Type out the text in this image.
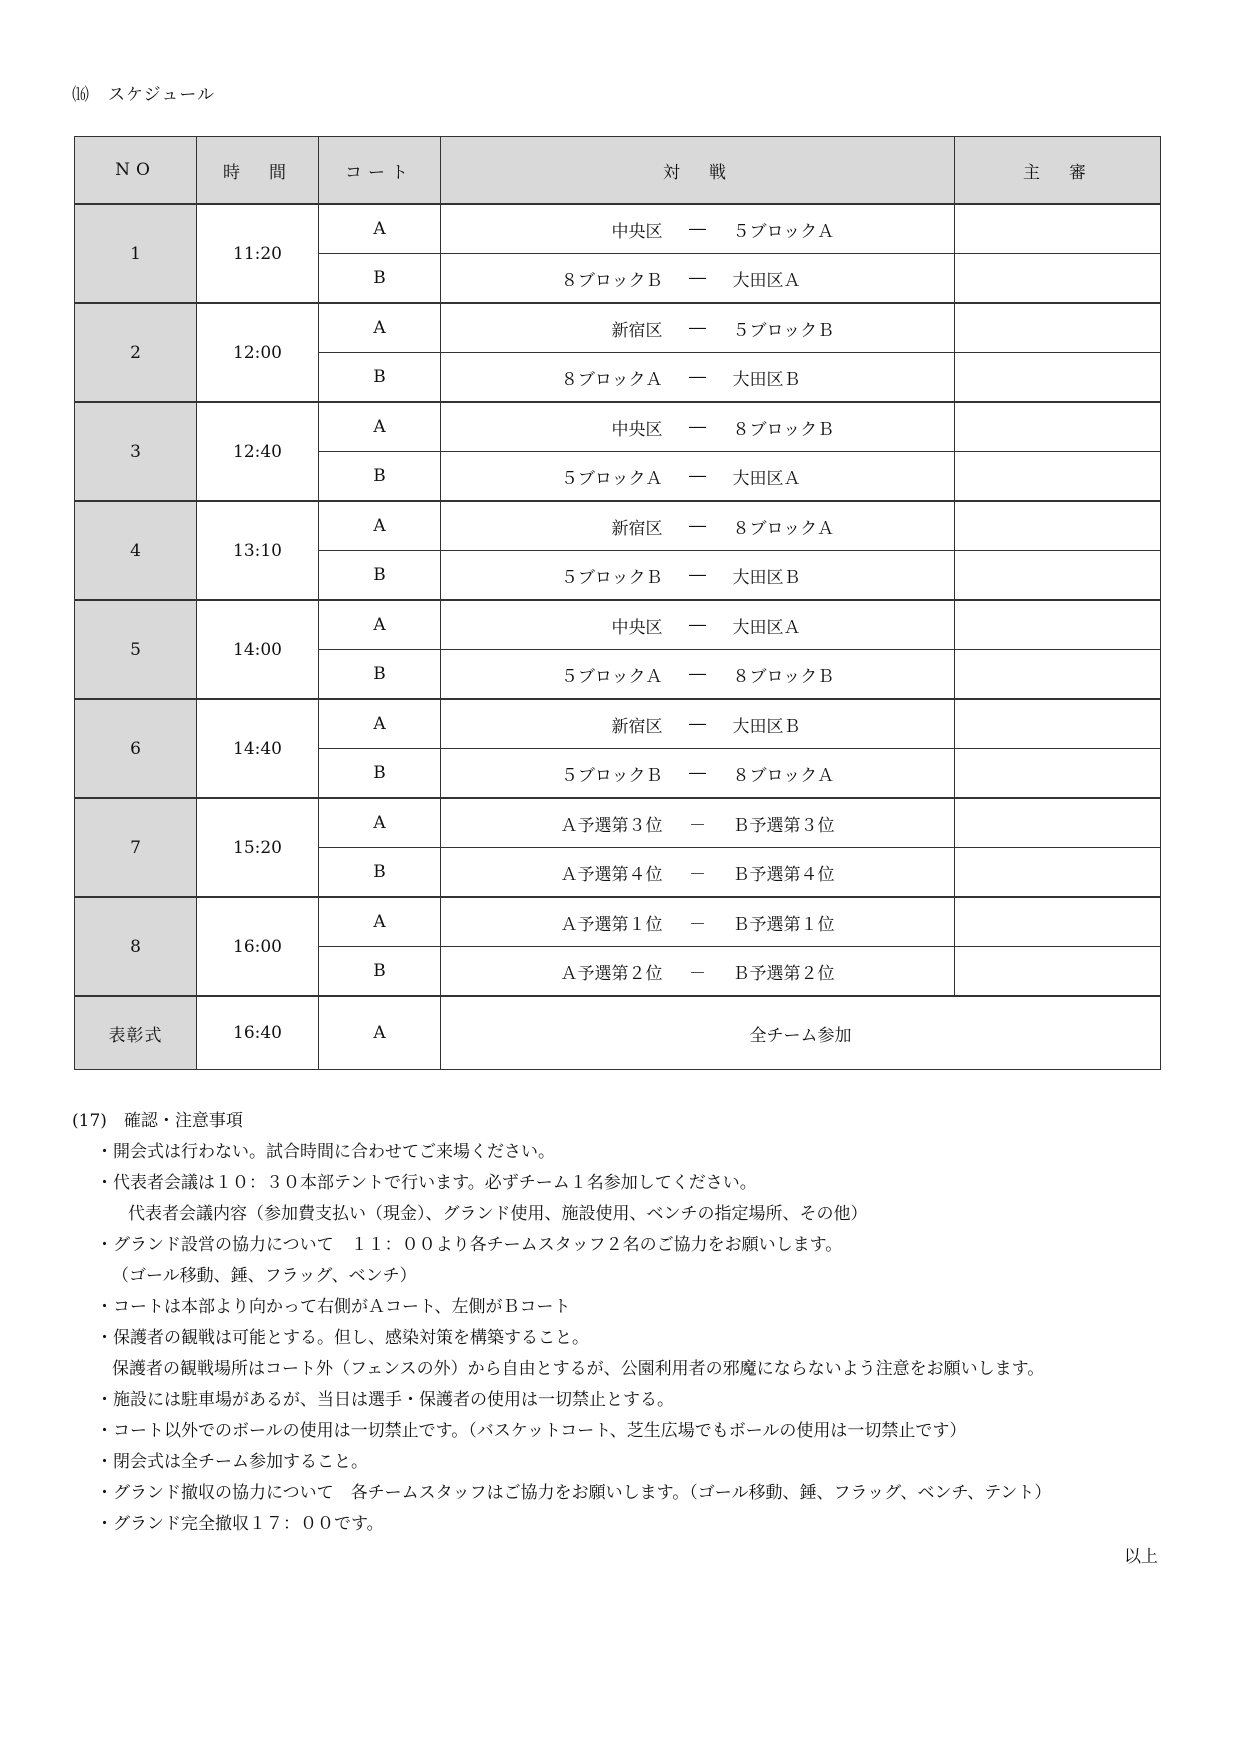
⒃　スケジュール
NO	時　間	コート	対　戦	主　審
1	11:20	A	中央区 ― ５ブロックＡ	

		B	８ブロックＢ ― 大田区Ａ	

2	12:00	A	新宿区 ― ５ブロックＢ	

		B	８ブロックＡ ― 大田区Ｂ	

3	12:40	A	中央区 ― ８ブロックＢ	

		B	５ブロックＡ ― 大田区Ａ	

4	13:10	A	新宿区 ― ８ブロックＡ	

		B	５ブロックＢ ― 大田区Ｂ	

5	14:00	A	中央区 ― 大田区Ａ	

		B	５ブロックＡ ― ８ブロックＢ	

6	14:40	A	新宿区 ― 大田区Ｂ	

		B	５ブロックＢ ― ８ブロックＡ	

7	15:20	A	Ａ予選第３位 － Ｂ予選第３位	

		B	Ａ予選第４位 － Ｂ予選第４位	

8	16:00	A	Ａ予選第１位 － Ｂ予選第１位	

		B	Ａ予選第２位 － Ｂ予選第２位	

表彰式	16:40	A	全チーム参加	
(17)　確認・注意事項
・開会式は行わない。試合時間に合わせてご来場ください。
・代表者会議は１０：３０本部テントで行います。必ずチーム１名参加してください。
代表者会議内容（参加費支払い（現金）、グランド使用、施設使用、ベンチの指定場所、その他）
・グランド設営の協力について　１１：００より各チームスタッフ２名のご協力をお願いします。
（ゴール移動、錘、フラッグ、ベンチ）
・コートは本部より向かって右側がＡコート、左側がＢコート
・保護者の観戦は可能とする。但し、感染対策を構築すること。
保護者の観戦場所はコート外（フェンスの外）から自由とするが、公園利用者の邪魔にならないよう注意をお願いします。
・施設には駐車場があるが、当日は選手・保護者の使用は一切禁止とする。
・コート以外でのボールの使用は一切禁止です。（バスケットコート、芝生広場でもボールの使用は一切禁止です）
・閉会式は全チーム参加すること。
・グランド撤収の協力について　各チームスタッフはご協力をお願いします。（ゴール移動、錘、フラッグ、ベンチ、テント）
・グランド完全撤収１７：００です。
以上
